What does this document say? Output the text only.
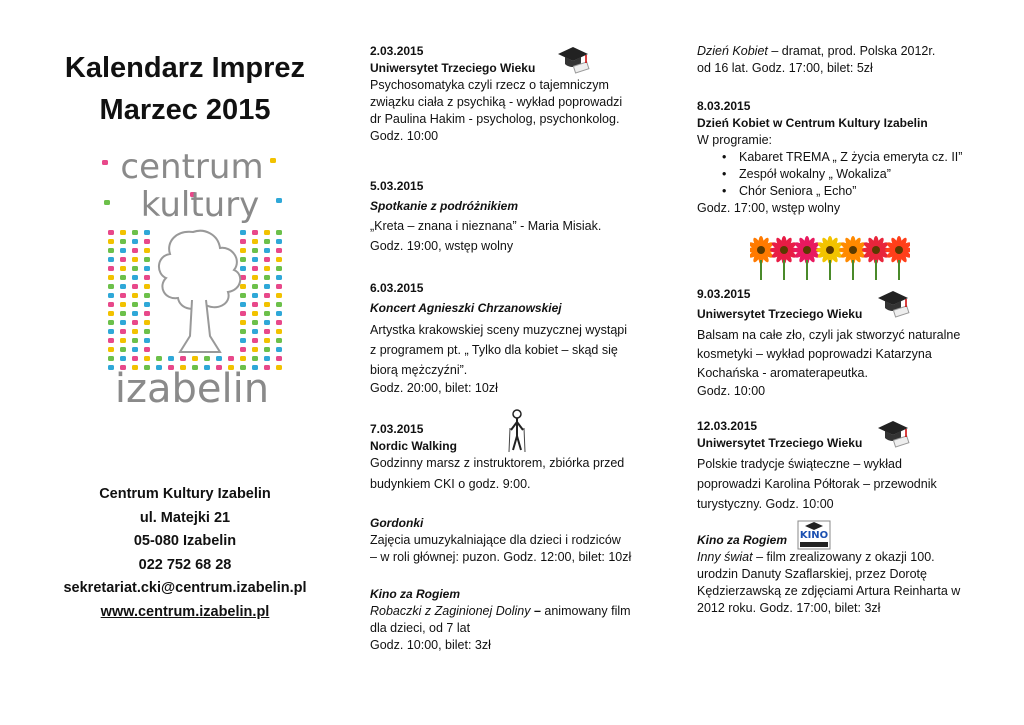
Kalendarz Imprez
Marzec 2015
centrum
kultury
izabelin
Centrum Kultury Izabelin
ul. Matejki 21
05-080 Izabelin
022 752 68 28
sekretariat.cki@centrum.izabelin.pl
www.centrum.izabelin.pl
2.03.2015
Uniwersytet Trzeciego Wieku
Psychosomatyka czyli rzecz o tajemniczym
związku ciała z psychiką - wykład poprowadzi
dr Paulina Hakim - psycholog, psychonkolog.
Godz. 10:00
5.03.2015
Spotkanie z podróżnikiem
„Kreta – znana i nieznana” - Maria Misiak.
Godz. 19:00, wstęp wolny
6.03.2015
Koncert Agnieszki Chrzanowskiej
Artystka krakowskiej sceny muzycznej wystąpi
z programem pt. „ Tylko dla kobiet – skąd się
biorą mężczyźni”.
Godz. 20:00, bilet: 10zł
7.03.2015
Nordic Walking
Godzinny marsz z instruktorem, zbiórka przed
budynkiem CKI o godz. 9:00.
Gordonki
Zajęcia umuzykalniające dla dzieci i rodziców
– w roli głównej: puzon. Godz. 12:00, bilet: 10zł
Kino za Rogiem
Robaczki z Zaginionej Doliny – animowany film
dla dzieci, od 7 lat
Godz. 10:00, bilet: 3zł
Dzień Kobiet – dramat, prod. Polska 2012r.
od 16 lat. Godz. 17:00, bilet: 5zł
8.03.2015
Dzień Kobiet w Centrum Kultury Izabelin
W programie:
• Kabaret TREMA „ Z życia emeryta cz. II”
• Zespół wokalny „ Wokaliza”
• Chór Seniora „ Echo”
Godz. 17:00, wstęp wolny
9.03.2015
Uniwersytet Trzeciego Wieku
Balsam na całe zło, czyli jak stworzyć naturalne
kosmetyki – wykład poprowadzi Katarzyna
Kochańska - aromaterapeutka.
Godz. 10:00
12.03.2015
Uniwersytet Trzeciego Wieku
Polskie tradycje świąteczne – wykład
poprowadzi Karolina Półtorak – przewodnik
turystyczny. Godz. 10:00
Kino za Rogiem
Inny świat – film zrealizowany z okazji 100.
urodzin Danuty Szaflarskiej, przez Dorotę
Kędzierzawską ze zdjęciami Artura Reinharta w
2012 roku. Godz. 17:00, bilet: 3zł
KINO
